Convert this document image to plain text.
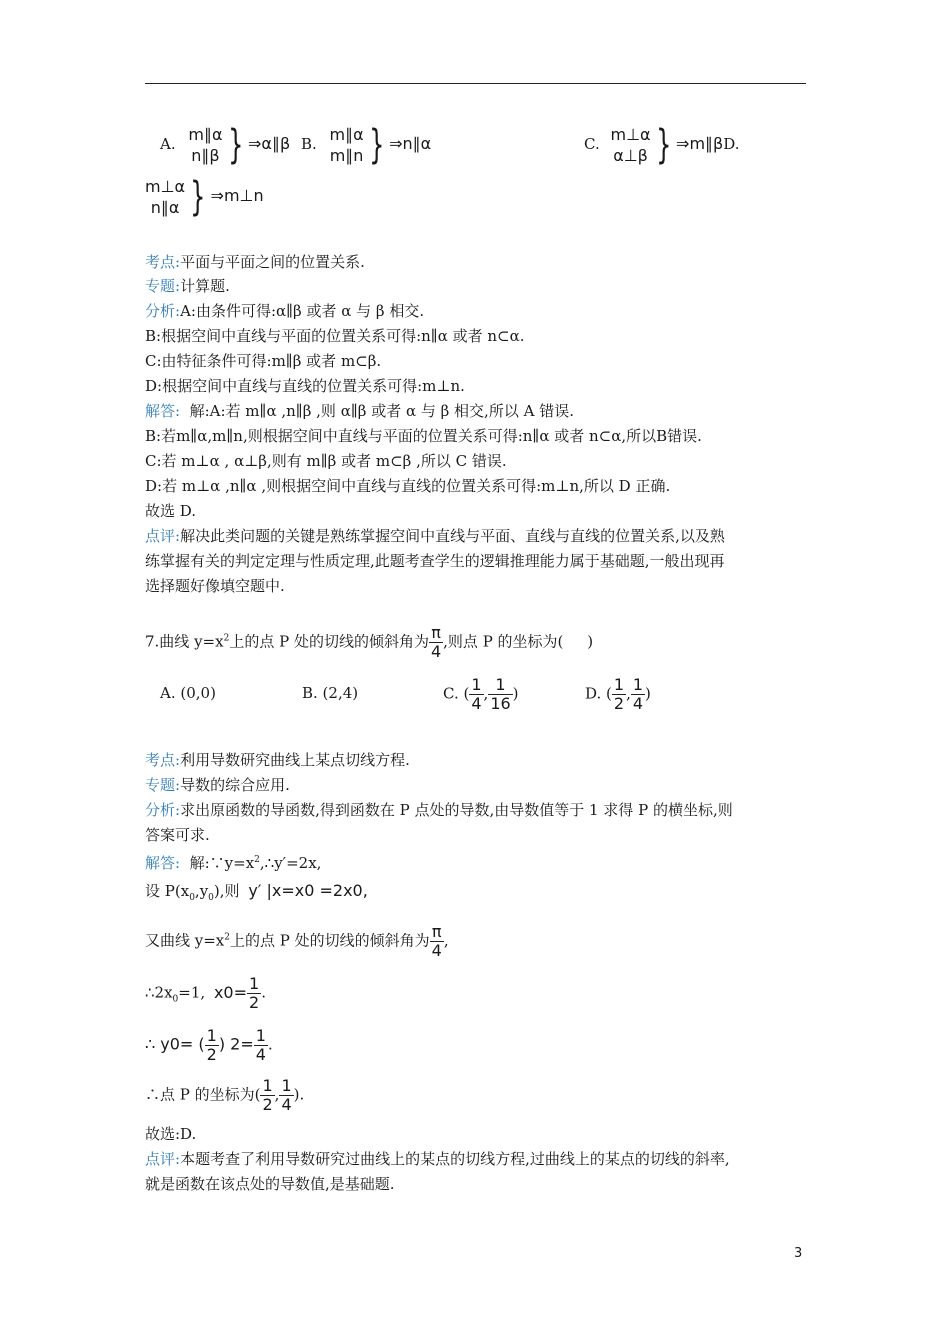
A. m∥α
n∥β } ⇒α∥β B. m∥α
m∥n } ⇒n∥α	C. m⊥α
α⊥β } ⇒m∥βD.
m⊥α
n∥α } ⇒m⊥n
考点:平面与平面之间的位置关系.
专题:计算题.
分析:A:由条件可得:α∥β 或者 α 与 β 相交.
B:根据空间中直线与平面的位置关系可得:n∥α 或者 n⊂α.
C:由特征条件可得:m∥β 或者 m⊂β.
D:根据空间中直线与直线的位置关系可得:m⊥n.
解答:  解:A:若 m∥α ,n∥β ,则 α∥β 或者 α 与 β 相交,所以 A 错误.
B:若m∥α,m∥n,则根据空间中直线与平面的位置关系可得:n∥α 或者 n⊂α,所以B错误.
C:若 m⊥α , α⊥β,则有 m∥β 或者 m⊂β ,所以 C 错误.
D:若 m⊥α ,n∥α ,则根据空间中直线与直线的位置关系可得:m⊥n,所以 D 正确.
故选 D.
点评:解决此类问题的关键是熟练掌握空间中直线与平面、直线与直线的位置关系,以及熟
练掌握有关的判定定理与性质定理,此题考查学生的逻辑推理能力属于基础题,一般出现再
选择题好像填空题中.
7.曲线 $y=x^2$上的点 P 处的切线的倾斜角为 $\frac{\pi}{4}$ ,则点 P 的坐标为(     )
A. (0,0)	B. (2,4)	C. ( $\frac{1}{4}$ , $\frac{1}{16}$ )	D. ( $\frac{1}{2}$ , $\frac{1}{4}$ )
考点:利用导数研究曲线上某点切线方程.
专题:导数的综合应用.
分析:求出原函数的导函数,得到函数在 P 点处的导数,由导数值等于 1 求得 P 的横坐标,则
答案可求.
解答:  解$:\because y=x^2,\therefore y'=2x$,
设 $P(x_0,y_0)$,则 y′ |x=x0 =2x0,
又曲线 $y=x^2$上的点 P 处的切线的倾斜角为 $\frac{\pi}{4}$ ,
$\therefore 2x_0=1$, $x0= \frac{1}{2}$ .
∴ y0= ( $\frac{1}{2}$ ) $2= \frac{1}{4}$ .
∴点 P 的坐标为( $\frac{1}{2}$ , $\frac{1}{4}$ ).
故选:D.
点评:本题考查了利用导数研究过曲线上的某点的切线方程,过曲线上的某点的切线的斜率,
就是函数在该点处的导数值,是基础题.
3
